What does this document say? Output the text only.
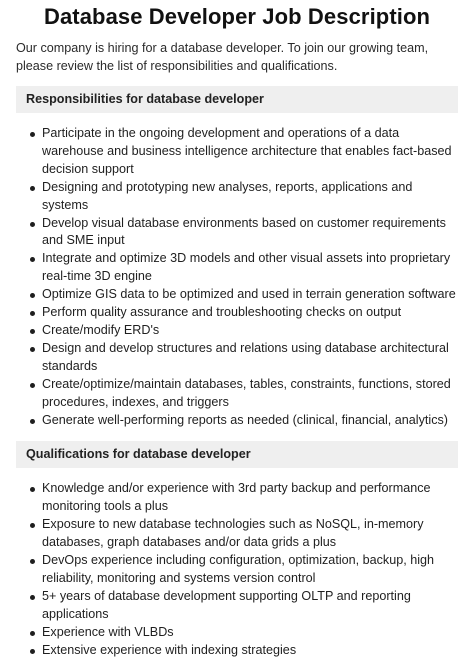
Database Developer Job Description

Our company is hiring for a database developer. To join our growing team, please review the list of responsibilities and qualifications.

Responsibilities for database developer
Participate in the ongoing development and operations of a data warehouse and business intelligence architecture that enables fact-based decision support
Designing and prototyping new analyses, reports, applications and systems
Develop visual database environments based on customer requirements and SME input
Integrate and optimize 3D models and other visual assets into proprietary real-time 3D engine
Optimize GIS data to be optimized and used in terrain generation software
Perform quality assurance and troubleshooting checks on output
Create/modify ERD's
Design and develop structures and relations using database architectural standards
Create/optimize/maintain databases, tables, constraints, functions, stored procedures, indexes, and triggers
Generate well-performing reports as needed (clinical, financial, analytics)
Qualifications for database developer
Knowledge and/or experience with 3rd party backup and performance monitoring tools a plus
Exposure to new database technologies such as NoSQL, in-memory databases, graph databases and/or data grids a plus
DevOps experience including configuration, optimization, backup, high reliability, monitoring and systems version control
5+ years of database development supporting OLTP and reporting applications
Experience with VLBDs
Extensive experience with indexing strategies
